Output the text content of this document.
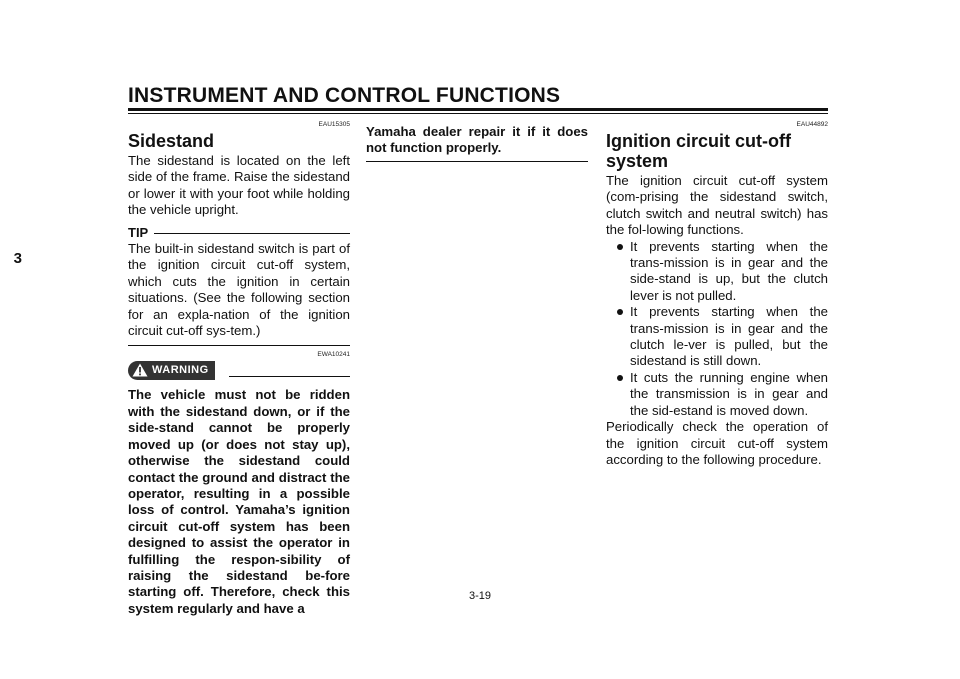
INSTRUMENT AND CONTROL FUNCTIONS
3
EAU15305
Sidestand
The sidestand is located on the left side of the frame. Raise the sidestand or lower it with your foot while holding the vehicle upright.
TIP
The built-in sidestand switch is part of the ignition circuit cut-off system, which cuts the ignition in certain situations. (See the following section for an expla-nation of the ignition circuit cut-off sys-tem.)
EWA10241
WARNING
The vehicle must not be ridden with the sidestand down, or if the side-stand cannot be properly moved up (or does not stay up), otherwise the sidestand could contact the ground and distract the operator, resulting in a possible loss of control. Yamaha’s ignition circuit cut-off system has been designed to assist the operator in fulfilling the respon-sibility of raising the sidestand be-fore starting off. Therefore, check this system regularly and have a
Yamaha dealer repair it if it does not function properly.
EAU44892
Ignition circuit cut-off system
The ignition circuit cut-off system (com-prising the sidestand switch, clutch switch and neutral switch) has the fol-lowing functions.
It prevents starting when the trans-mission is in gear and the side-stand is up, but the clutch lever is not pulled.
It prevents starting when the trans-mission is in gear and the clutch le-ver is pulled, but the sidestand is still down.
It cuts the running engine when the transmission is in gear and the sid-estand is moved down.
Periodically check the operation of the ignition circuit cut-off system according to the following procedure.
3-19
